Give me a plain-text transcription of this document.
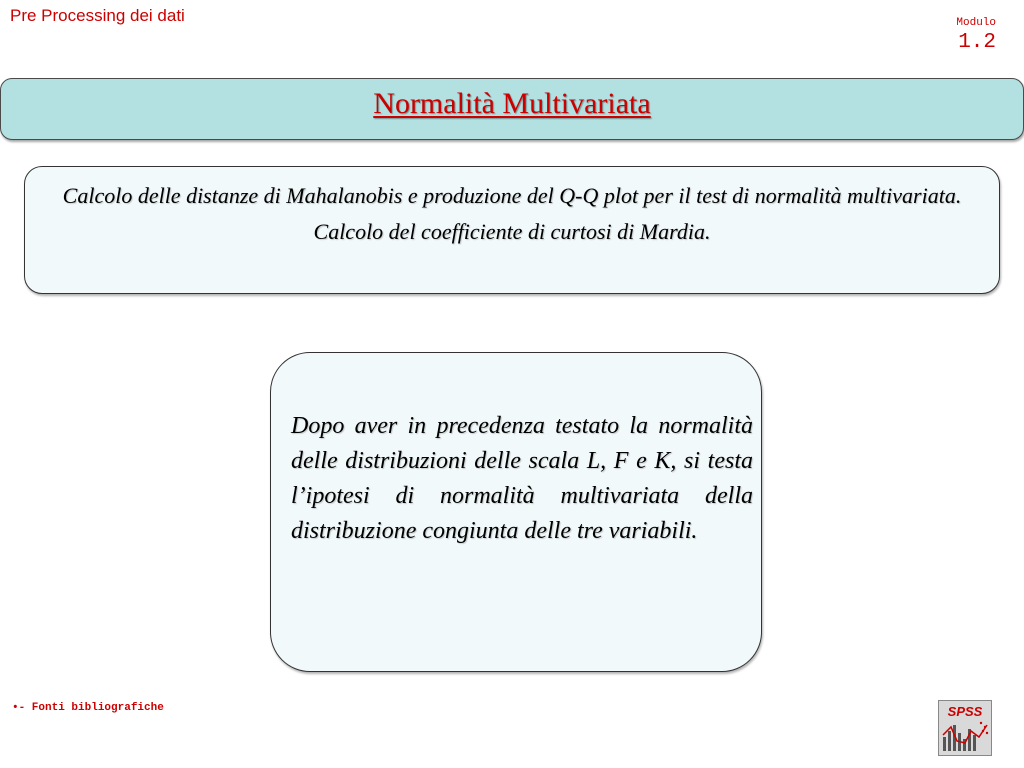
Pre Processing dei dati	Modulo
1.2
Normalità Multivariata

Calcolo delle distanze di Mahalanobis e produzione del Q-Q plot per il test di normalità multivariata.

Calcolo del coefficiente di curtosi di Mardia.

Dopo aver in precedenza testato la normalità delle distribuzioni delle scala L, F e K, si testa l’ipotesi di normalità multivariata della distribuzione congiunta delle tre variabili.

•- Fonti bibliografiche	SPSS
